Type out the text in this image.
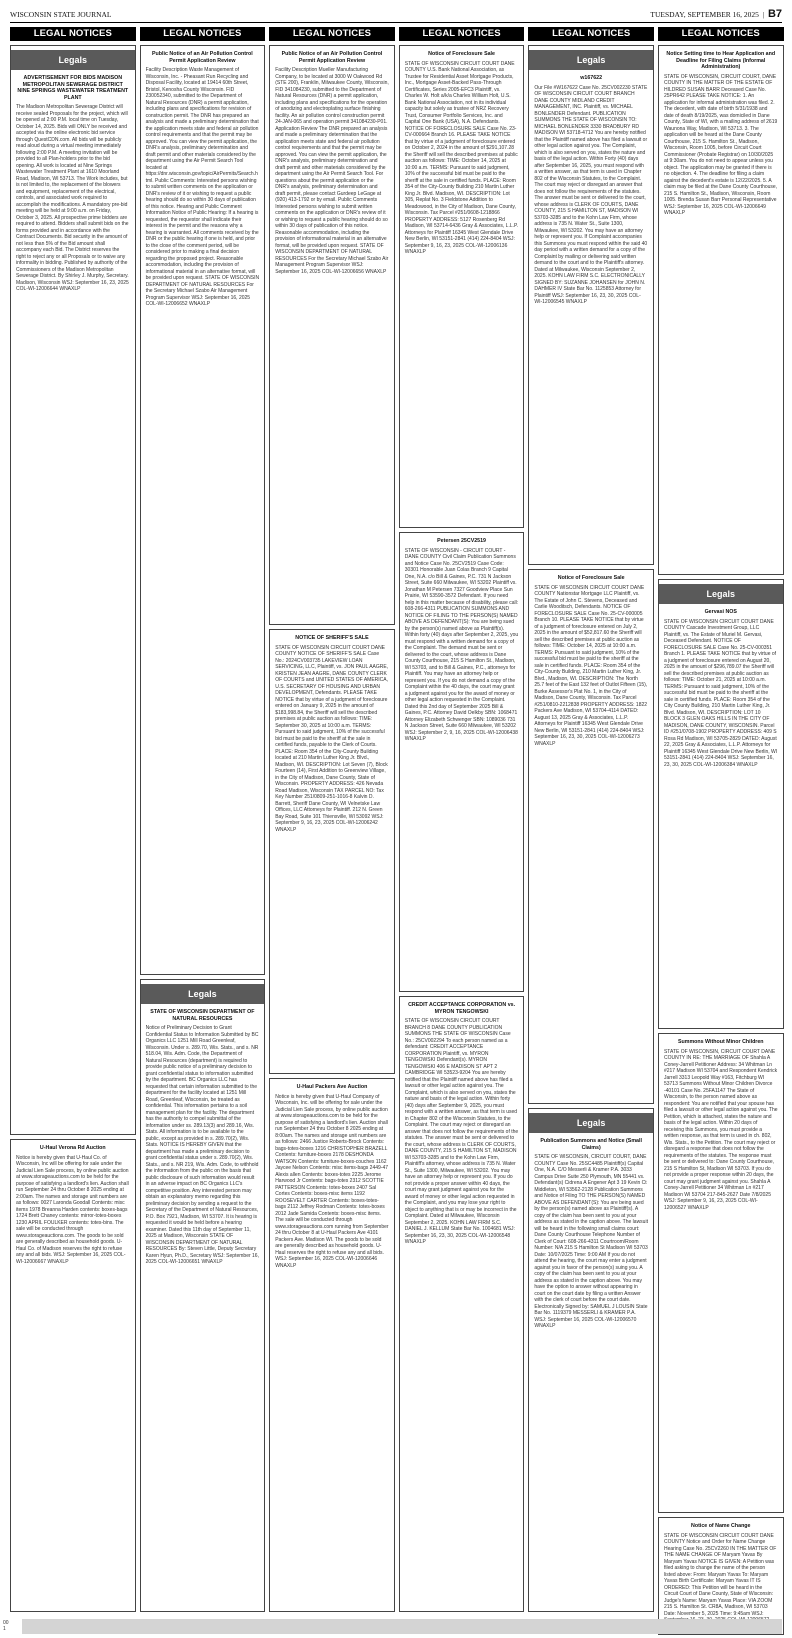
WISCONSIN STATE JOURNAL	TUESDAY, SEPTEMBER 16, 2025  |  B7
LEGAL NOTICES
Legals
ADVERTISEMENT FOR BIDS MADISON METROPOLITAN SEWERAGE DISTRICT NINE SPRINGS WASTEWATER TREATMENT PLANT
The Madison Metropolitan Sewerage District will receive sealed Proposals for the project, which will be opened at 2:00 P.M. local time on Tuesday, October 14, 2025. Bids will ONLY be received and accepted via the online electronic bid service through QuestCDN.com. All bids will be publicly read aloud during a virtual meeting immediately following 2:00 P.M. A meeting invitation will be provided to all Plan-holders prior to the bid opening. All work is located at Nine Springs Wastewater Treatment Plant at 1610 Moorland Road, Madison, WI 53713. The Work includes, but is not limited to, the replacement of the blowers and equipment, replacement of the electrical, controls, and associated work required to accomplish the modifications. A mandatory pre-bid meeting will be held at 9:00 a.m. on Friday, October 3, 2025. All prospective prime bidders are required to attend. Bidders shall submit bids on the forms provided and in accordance with the Contract Documents. Bid security in the amount of not less than 5% of the Bid amount shall accompany each Bid. The District reserves the right to reject any or all Proposals or to waive any informality in bidding. Published by authority of the Commissioners of the Madison Metropolitan Sewerage District. By Shirley J. Murphy, Secretary. Madison, Wisconsin WSJ: September 16, 23, 2025 COL-WI-12006644 WNAXLP
U-Haul Verona Rd Auction
Notice is hereby given that U-Haul Co. of Wisconsin, Inc will be offering for sale under the Judicial Lien Sale process, by online public auction at www.storageauctions.com to be held for the purpose of satisfying a landlord's lien. Auction shall run September 24 thru October 8 2025 ending at 2:00am. The names and storage unit numbers are as follows: 0027 Laronda Goodall Contents: misc items 1978 Breanna Harden contents: boxes-bags 1724 Brett Chaney contents: mirror-totes-boxes 1230 APRIL FOULKER contents: totes-bins. The sale will be conducted through www.storageauctions.com. The goods to be sold are generally described as household goods. U-Haul Co. of Madison reserves the right to refuse any and all bids. WSJ: September 16, 2025 COL-WI-12006667 WNAXLP
LEGAL NOTICES
Public Notice of an Air Pollution Control Permit Application Review
Facility Description Waste Management of Wisconsin, Inc. - Pheasant Run Recycling and Disposal Facility, located at 19414 60th Street, Bristol, Kenosha County Wisconsin. FID 230052340, submitted to the Department of Natural Resources (DNR) a permit application, including plans and specifications for revision of construction permit. The DNR has prepared an analysis and made a preliminary determination that the application meets state and federal air pollution control requirements and that the permit may be approved. You can view the permit application, the DNR's analysis, preliminary determination and draft permit and other materials considered by the department using the Air Permit Search Tool located at https://dnr.wisconsin.gov/topic/AirPermits/Search.html. Public Comments: Interested persons wishing to submit written comments on the application or DNR's review of it or wishing to request a public hearing should do so within 30 days of publication of this notice. Hearing and Public Comment Information Notice of Public Hearing: If a hearing is requested, the requestor shall indicate their interest in the permit and the reasons why a hearing is warranted. All comments received by the DNR or the public hearing if one is held, and prior to the close of the comment period, will be considered prior to making a final decision regarding the proposed project. Reasonable accommodation, including the provision of informational material in an alternative format, will be provided upon request. STATE OF WISCONSIN DEPARTMENT OF NATURAL RESOURCES For the Secretary Michael Szabo Air Management Program Supervisor WSJ: September 16, 2025 COL-WI-12006652 WNAXLP
Legals
STATE OF WISCONSIN DEPARTMENT OF NATURAL RESOURCES
Notice of Preliminary Decision to Grant Confidential Status to Information Submitted by BC Organics LLC 1251 Mill Road Greenleaf, Wisconsin. Under s. 289.70, Wis. Stats., and s. NR 518.04, Wis. Adm. Code, the Department of Natural Resources (department) is required to provide public notice of a preliminary decision to grant confidential status to information submitted by the department. BC Organics LLC has requested that certain information submitted to the department for the facility located at 1251 Mill Road, Greenleaf, Wisconsin, be treated as confidential. This information pertains to a soil management plan for the facility. The department has the authority to compel submittal of the information under ss. 289.13(3) and 289.16, Wis. Stats. All information is to be available to the public, except as provided in s. 289.70(2), Wis. Stats. NOTICE IS HEREBY GIVEN that the department has made a preliminary decision to grant confidential status under s. 289.70(2), Wis. Stats., and s. NR 219, Wis. Adm. Code, to withhold the information from the public on the basis that public disclosure of such information would result in an adverse impact on BC Organics LLC's competitive position. Any interested person may obtain an explanatory memo regarding this preliminary decision by sending a request to the Secretary of the Department of Natural Resources, P.O. Box 7921, Madison, WI 53707. It is hearing is requested it would be held before a hearing examiner. Dated this 11th day of September 11, 2025 at Madison, Wisconsin STATE OF WISCONSIN DEPARTMENT OF NATURAL RESOURCES By: Steven Little, Deputy Secretary Karen Hyun, Ph.D., Secretary WSJ: September 16, 2025 COL-WI-12006651 WNAXLP
LEGAL NOTICES
Public Notice of an Air Pollution Control Permit Application Review
Facility Description Mueller Manufacturing Company, to be located at 3000 W Oakwood Rd (STE 200), Franklin, Milwaukee County, Wisconsin, FID 341084230, submitted to the Department of Natural Resources (DNR) a permit application, including plans and specifications for the operation of anodizing and electroplating surface finishing facility. An air pollution control construction permit 24-JAN-065 and operation permit 341084230-P01. Application Review The DNR prepared an analysis and made a preliminary determination that the application meets state and federal air pollution control requirements and that the permit may be approved. You can view the permit application, the DNR's analysis, preliminary determination and draft permit and other materials considered by the department using the Air Permit Search Tool. For questions about the permit application or the DNR's analysis, preliminary determination and draft permit, please contact Gurdeep LeGage at (920) 413-1792 or by email. Public Comments Interested persons wishing to submit written comments on the application or DNR's review of it or wishing to request a public hearing should do so within 30 days of publication of this notice. Reasonable accommodation, including the provision of informational material in an alternative format, will be provided upon request. STATE OF WISCONSIN DEPARTMENT OF NATURAL RESOURCES For the Secretary Michael Szabo Air Management Program Supervisor WSJ: September 16, 2025 COL-WI-12006656 WNAXLP
NOTICE OF SHERIFF'S SALE
STATE OF WISCONSIN CIRCUIT COURT DANE COUNTY NOTICE OF SHERIFF'S SALE Case No.: 2024CV003735 LAKEVIEW LOAN SERVICING, LLC, Plaintiff, vs. JON PAUL AAGRE, KRISTEN JEAN AAGRE, DANE COUNTY CLERK OF COURTS and UNITED STATES OF AMERICA, U.S. SECRETARY OF HOUSING AND URBAN DEVELOPMENT, Defendants. PLEASE TAKE NOTICE that by virtue of a judgment of foreclosure entered on January 9, 2025 in the amount of $183,998.84, the Sheriff will sell the described premises at public auction as follows: TIME: September 30, 2025 at 10:00 a.m. TERMS: Pursuant to said judgment, 10% of the successful bid must be paid to the sheriff at the sale in certified funds, payable to the Clerk of Courts. PLACE: Room 354 of the City-County Building located at 210 Martin Luther King Jr. Blvd., Madison, WI. DESCRIPTION: Lot Seven (7), Block Fourteen (14), First Addition to Greenview Village, in the City of Madison, Dane County, State of Wisconsin. PROPERTY ADDRESS: 426 Nevada Road Madison, Wisconsin TAX PARCEL NO: Tax Key Number 251/0809-251-1016-8 Kalvin D. Barrett, Sheriff Dane County, WI Velnetske Law Offices, LLC Attorneys for Plaintiff. 212 N. Green Bay Road, Suite 101 Thiensville, WI 53092 WSJ: September 9, 16, 23, 2025 COL-WI-12006242 WNAXLP
U-Haul Packers Ave Auction
Notice is hereby given that U-Haul Company of Wisconsin, Inc. will be offering for sale under the Judicial Lien Sale process, by online public auction at www.storageauctions.com to be held for the purpose of satisfying a landlord's lien. Auction shall run September 24 thru October 8 2025 ending at 8:00am. The names and storage unit numbers are as follows: 2466 Justice Roberts-Brock Contents: bags-totes-boxes 1216 CHRISTOPHER BRAZELL Contents: furniture-boxes 2178 DESHONDA WATSON Contents: furniture-boxes-couches 1162 Jaycee Nelson Contents: misc items-bags 2449-47 Alexis allen Contents: boxes-totes 2225 Jerome Harwood Jr Contents: bags-totes 2312 SCOTTIE PATTERSON Contents: totes-boxes 2407 Sal Cortes Contents: boxes-misc items 1192 ROOSEVELT CARTER Contents: boxes-totes-bags 2112 Jeffrey Rodman Contents: totes-boxes 2012 Jade Samida Contents: boxes-misc items. The sale will be conducted through www.storageauctions.com running from September 24 thru October 8 at U-Haul Packers Ave 4101 Packers Ave. Madison WI. The goods to be sold are generally described as household goods. U-Haul reserves the right to refuse any and all bids. WSJ: September 16, 2025 COL-WI-12006646 WNAXLP
LEGAL NOTICES
Notice of Foreclosure Sale
STATE OF WISCONSIN CIRCUIT COURT DANE COUNTY U.S. Bank National Association, as Trustee for Residential Asset Mortgage Products, Inc., Mortgage Asset-Backed Pass-Through Certificates, Series 2005-EFC3 Plaintiff, vs. Charles W. Holt a/k/a Charles William Holt, U.S. Bank National Association, not in its individual capacity but solely as trustee of NRZ Recovery Trust, Consumer Portfolio Services, Inc. and Capital One Bank (USA), N.A. Defendants. NOTICE OF FORECLOSURE SALE Case No. 23-CV-000664 Branch 16. PLEASE TAKE NOTICE that by virtue of a judgment of foreclosure entered on October 2, 2024 in the amount of $291,107.28 the Sheriff will sell the described premises at public auction as follows: TIME: October 14, 2025 at 10:00 a.m. TERMS: Pursuant to said judgment, 10% of the successful bid must be paid to the sheriff at the sale in certified funds. PLACE: Room 354 of the City-County Building 210 Martin Luther King Jr. Blvd. Madison, WI. DESCRIPTION: Lot 305, Replat No. 3 Fieldstone Addition to Meadowood, in the City of Madison, Dane County, Wisconsin. Tax Parcel #251/0608-1218866 PROPERTY ADDRESS: 5127 Rosenberg Rd Madison, WI 53714-6436 Gray & Associates, L.L.P. Attorneys for Plaintiff 16345 West Glendale Drive New Berlin, WI 53151-2841 (414) 224-8404 WSJ: September 9, 16, 23, 2025 COL-WI-12006136 WNAXLP
Petersen 25CV2519
STATE OF WISCONSIN - CIRCUIT COURT - DANE COUNTY Civil Claim Publication Summons and Notice Case No. 25CV2519 Case Code: 30301 Honorable Juan Colas Branch 9 Capital One, N.A. c/o Bill & Gaines, P.C. 731 N Jackson Street, Suite 660 Milwaukee, WI 53202 Plaintiff vs. Jonathan M Petersen 7327 Goodview Place Sun Prairie, WI 53590-3572 Defendant. If you need help in this matter because of disability, please call: 608-266-4311 PUBLICATION SUMMONS AND NOTICE OF FILING TO THE PERSON(S) NAMED ABOVE AS DEFENDANT(S): You are being sued by the person(s) named above as Plaintiff(s). Within forty (40) days after September 2, 2025, you must respond with a written demand for a copy of the Complaint. The demand must be sent or delivered to the court, whose address is Dane County Courthouse, 215 S Hamilton St., Madison, WI 53703, and to Bill & Gaines, P.C., attorneys for Plaintiff. You may have an attorney help or represent you. If you do not demand a copy of the Complaint within the 40 days, the court may grant a judgment against you for the award of money or other legal action requested in the Complaint. Dated this 2nd day of September 2025 Bill & Gaines, P.C. Attorney David Oelkby SBN: 1068471 Attorney Elizabeth Schwenger SBN: 1089036 731 N Jackson Street, Suite 660 Milwaukee, WI 53202 WSJ: September 2, 9, 16, 2025 COL-WI-12006438 WNAXLP
CREDIT ACCEPTANCE CORPORATION vs. MYRON TENGOWSKI
STATE OF WISCONSIN CIRCUIT COURT BRANCH 8 DANE COUNTY PUBLICATION SUMMONS THE STATE OF WISCONSIN Case No.: 25CV002294 To each person named as a defendant: CREDIT ACCEPTANCE CORPORATION Plaintiff, vs. MYRON TENGOWSKI Defendant(s). MYRON TENGOWSKI 406 E MADISON ST APT 2 CAMBRIDGE WI 53523-9204 You are hereby notified that the Plaintiff named above has filed a lawsuit or other legal action against you. The Complaint, which is also served on you, states the nature and basis of the legal action. Within forty (40) days after September 9, 2025, you must respond with a written answer, as that term is used in Chapter 802 of the Wisconsin Statutes, to the Complaint. The court may reject or disregard an answer that does not follow the requirements of the statutes. The answer must be sent or delivered to the court, whose address is CLERK OF COURTS, DANE COUNTY, 215 S HAMILTON ST, MADISON WI 53703-3285 and to the Kohn Law Firm, Plaintiff's attorney, whose address is 735 N. Water St., Suite 1300, Milwaukee, WI 53202. You may have an attorney help or represent you. If you do not provide a proper answer within 40 days, the court may grant judgment against you for the award of money or other legal action requested in the Complaint, and you may lose your right to object to anything that is or may be incorrect in the Complaint. Dated at Milwaukee, Wisconsin September 2, 2025. KOHN LAW FIRM S.C. DANIEL J. KELLUM State Bar No. 1004681 WSJ: September 16, 23, 30, 2025 COL-WI-12006548 WNAXLP
LEGAL NOTICES
Legals
w167622
Our File #W167622 Case No. 25CV002230 STATE OF WISCONSIN CIRCUIT COURT BRANCH DANE COUNTY MIDLAND CREDIT MANAGEMENT, INC. Plaintiff, vs. MICHAEL BONLENDER Defendant. PUBLICATION SUMMONS THE STATE OF WISCONSIN TO: MICHAEL BONLENDER 3330 BRADBURY RD MADISON WI 53718-4712 You are hereby notified that the Plaintiff named above has filed a lawsuit or other legal action against you. The Complaint, which is also served on you, states the nature and basis of the legal action. Within Forty (40) days after September 16, 2025, you must respond with a written answer, as that term is used in Chapter 802 of the Wisconsin Statutes, to the Complaint. The court may reject or disregard an answer that does not follow the requirements of the statutes. The answer must be sent or delivered to the court, whose address is CLERK OF COURTS, DANE COUNTY, 215 S HAMILTON ST, MADISON WI 53703-3285 and to the Kohn Law Firm, whose address is 735 N. Water St., Suite 1300, Milwaukee, WI 53202. You may have an attorney help or represent you. If Complaint accompanies this Summons you must respond within the said 40 day period with a written demand for a copy of the Complaint by mailing or delivering said written demand to the court and to the Plaintiff's attorney. Dated at Milwaukee, Wisconsin September 2, 2025. KOHN LAW FIRM S.C. ELECTRONICALLY SIGNED BY: SUZANNE JOHANSEN for JOHN N. DAHMER IV State Bar No. 1125853 Attorney for Plaintiff WSJ: September 16, 23, 30, 2025 COL-WI-12006545 WNAXLP
Notice of Foreclosure Sale
STATE OF WISCONSIN CIRCUIT COURT DANE COUNTY Nationstar Mortgage LLC Plaintiff, vs. The Estate of John C. Stevens, Deceased and Carlie Wooditsch, Defendants. NOTICE OF FORECLOSURE SALE Case No. 25-CV-000005 Branch 10. PLEASE TAKE NOTICE that by virtue of a judgment of foreclosure entered on July 2, 2025 in the amount of $52,817.60 the Sheriff will sell the described premises at public auction as follows: TIME: October 14, 2025 at 10:00 a.m. TERMS: Pursuant to said judgment, 10% of the successful bid must be paid to the sheriff at the sale in certified funds. PLACE: Room 354 of the City-County Building, 210 Martin Luther King, Jr. Blvd., Madison, WI. DESCRIPTION: The North 25.7 feet of the East 132 feet of Outlot Fifteen (15), Burke Assessor's Plat No. 1, in the City of Madison, Dane County, Wisconsin. Tax Parcel #251/0810-2212838 PROPERTY ADDRESS: 1822 Packers Ave Madison, WI 53704-4114 DATED: August 13, 2025 Gray & Associates, L.L.P. Attorneys for Plaintiff 16345 West Glendale Drive New Berlin, WI 53151-2841 (414) 224-8404 WSJ: September 16, 23, 30, 2025 COL-WI-12006273 WNAXLP
Legals
Publication Summons and Notice (Small Claims)
STATE OF WISCONSIN, CIRCUIT COURT, DANE COUNTY Case No. 25SC4485 Plaintiff(s) Capital One, N.A. C/O Messerli & Kramer P.A. 3033 Campus Drive Suite 250 Plymouth, MN 55441 vs. Defendant(s) Cidrena A Engener Apt 3 19 Kevin Ct Middleton, WI 53562-2128 Publication Summons and Notice of Filing TO THE PERSON(S) NAMED ABOVE AS DEFENDANT(S): You are being sued by the person(s) named above as Plaintiff(s). A copy of the claim has been sent to you at your address as stated in the caption above. The lawsuit will be heard in the following small claims court: Dane County Courthouse Telephone Number of Clerk of Court: 608-266-4311 Courtroom/Room Number: N/A 215 S Hamilton St Madison WI 53703 Date: 10/07/2025 Time: 9:00 AM If you do not attend the hearing, the court may enter a judgment against you in favor of the person(s) suing you. A copy of the claim has been sent to you at your address as stated in the caption above. You may have the option to answer without appearing in court on the court date by filing a written Answer with the clerk of court before the court date. Electronically Signed by: SAMUEL J LOUSIN State Bar No. 1119379 MESSERLI & KRAMER P.A. WSJ: September 16, 2025 COL-WI-12006570 WNAXLP
LEGAL NOTICES
Notice Setting time to Hear Application and Deadline for Filing Claims (Informal Administration)
STATE OF WISCONSIN, CIRCUIT COURT, DANE COUNTY IN THE MATTER OF THE ESTATE OF HILDRED SUSAN BARR Deceased Case No. 25PR642 PLEASE TAKE NOTICE: 1. An application for informal administration was filed. 2. The decedent, with date of birth 5/31/1938 and date of death 8/19/2025, was domiciled in Dane County, State of WI, with a mailing address of 2619 Waunona Way, Madison, WI 53713. 3. The application will be heard at the Dane County Courthouse, 215 S. Hamilton St., Madison, Wisconsin, Room 1005, before Circuit Court Commissioner (Probate Registrar) on 10/30/2025 at 9:30am. You do not need to appear unless you object. The application may be granted if there is no objection. 4. The deadline for filing a claim against the decedent's estate is 12/22/2025. 5. A claim may be filed at the Dane County Courthouse, 215 S. Hamilton St., Madison, Wisconsin, Room 1005. Brenda Susan Barr Personal Representative WSJ: September 16, 2025 COL-WI-12006649 WNAXLP
Legals
Gervasi NOS
STATE OF WISCONSIN CIRCUIT COURT DANE COUNTY Cascade Investment Group, LLC Plaintiff, vs. The Estate of Muriel M. Gervasi, Deceased Defendant. NOTICE OF FORECLOSURE SALE Case No. 25-CV-000351 Branch 1. PLEASE TAKE NOTICE that by virtue of a judgment of foreclosure entered on August 20, 2025 in the amount of $296,789.07 the Sheriff will sell the described premises at public auction as follows: TIME: October 21, 2025 at 10:00 a.m. TERMS: Pursuant to said judgment, 10% of the successful bid must be paid to the sheriff at the sale in certified funds. PLACE: Room 354 of the City County Building, 210 Martin Luther King, Jr. Blvd. Madison, WI. DESCRIPTION: LOT 10 BLOCK 3 GLEN OAKS HILLS IN THE CITY OF MADISON, DANE COUNTY, WISCONSIN. Parcel ID #251/0708-1902 PROPERTY ADDRESS: 409 S Rosa Rd Madison, WI 53705-2829 DATED: August 22, 2025 Gray & Associates, L.L.P. Attorneys for Plaintiff 16345 West Glendale Drive New Berlin, WI 53151-2841 (414) 224-8404 WSJ: September 16, 23, 30, 2025 COL-WI-12006384 WNAXLP
Summons Without Minor Children
STATE OF WISCONSIN, CIRCUIT COURT DANE COUNTY IN RE: THE MARRIAGE OF Shahla A Coney-Jarrell Petitioner Address: 34 Whitman Ln #217 Madison WI 53704 and Respondent Kendrick Jarrell 3313 Leopold Way #163, Fitchburg WI 53713 Summons Without Minor Children Divorce -40101 Case No. 25FA1147 The State of Wisconsin, to the person named above as respondent: You are notified that your spouse has filed a lawsuit or other legal action against you. The Petition, which is attached, states the nature and basis of the legal action. Within 20 days of receiving this Summons, you must provide a written response, as that term is used in ch. 802, Wis. Stats., to the Petition. The court may reject or disregard a response that does not follow the requirements of the statutes. The response must be sent or delivered to: Dane County Courthouse, 215 S Hamilton St, Madison WI 53703. If you do not provide a proper response within 20 days, the court may grant judgment against you. Shahla A Coney-Jarrell Petitioner 34 Whitman Ln #217 Madison WI 53704 217-845-2627 Date 7/8/2025 WSJ: September 9, 16, 23, 2025 COL-WI-12006527 WNAXLP
Notice of Name Change
STATE OF WISCONSIN CIRCUIT COURT DANE COUNTY Notice and Order for Name Change Hearing Case No. 25CV2260 IN THE MATTER OF THE NAME CHANGE OF Maryam Yavas By Maryam Yavas NOTICE IS GIVEN: A Petition was filed asking to change the name of the person listed above: From: Maryam Yavas To: Maryam Yavas Birth Certificate: Maryam Yavas IT IS ORDERED: This Petition will be heard in the Circuit Court of Dane County, State of Wisconsin: Judge's Name: Maryam Yavas Place: VIA ZOOM 215 S. Hamilton St. CR8A, Madison, WI 53703 Date: November 5, 2025 Time: 9:45am WSJ:
00
1
